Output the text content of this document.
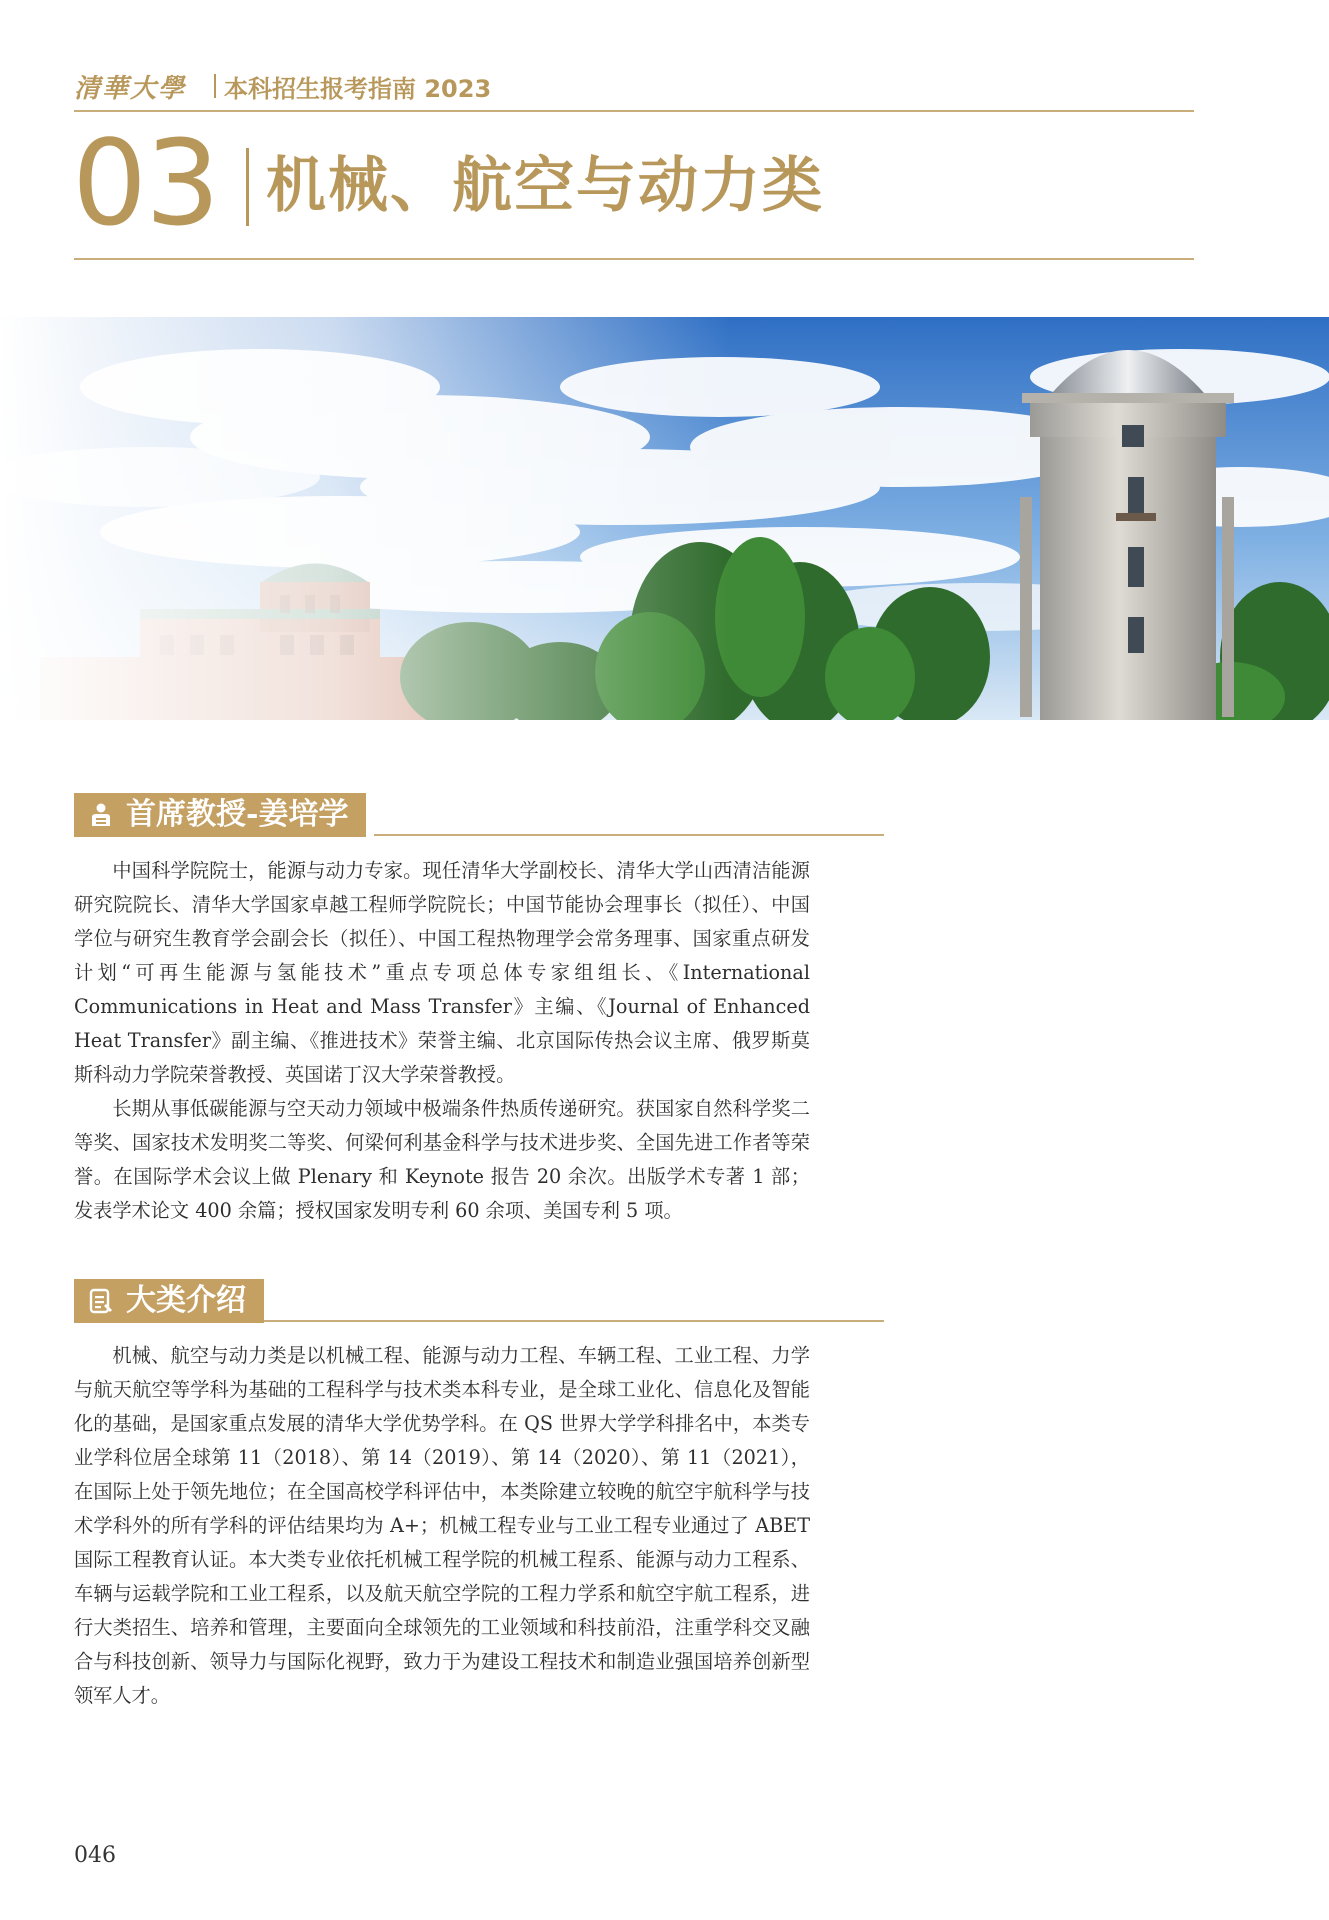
清華大學 本科招生报考指南 2023
03 机械、航空与动力类
首席教授-姜培学

中国科学院院士，能源与动力专家。现任清华大学副校长、清华大学山西清洁能源研究院院长、清华大学国家卓越工程师学院院长；中国节能协会理事长（拟任）、中国学位与研究生教育学会副会长（拟任）、中国工程热物理学会常务理事、国家重点研发计划“可再生能源与氢能技术”重点专项总体专家组组长、《International Communications in Heat and Mass Transfer》主编、《Journal of Enhanced Heat Transfer》副主编、《推进技术》荣誉主编、北京国际传热会议主席、俄罗斯莫斯科动力学院荣誉教授、英国诺丁汉大学荣誉教授。

长期从事低碳能源与空天动力领域中极端条件热质传递研究。获国家自然科学奖二等奖、国家技术发明奖二等奖、何梁何利基金科学与技术进步奖、全国先进工作者等荣誉。在国际学术会议上做 Plenary 和 Keynote 报告 20 余次。出版学术专著 1 部；发表学术论文 400 余篇；授权国家发明专利 60 余项、美国专利 5 项。

大类介绍

机械、航空与动力类是以机械工程、能源与动力工程、车辆工程、工业工程、力学与航天航空等学科为基础的工程科学与技术类本科专业，是全球工业化、信息化及智能化的基础，是国家重点发展的清华大学优势学科。在 QS 世界大学学科排名中，本类专业学科位居全球第 11（2018）、第 14（2019）、第 14（2020）、第 11（2021），在国际上处于领先地位；在全国高校学科评估中，本类除建立较晚的航空宇航科学与技术学科外的所有学科的评估结果均为 A+；机械工程专业与工业工程专业通过了 ABET 国际工程教育认证。本大类专业依托机械工程学院的机械工程系、能源与动力工程系、车辆与运载学院和工业工程系，以及航天航空学院的工程力学系和航空宇航工程系，进行大类招生、培养和管理，主要面向全球领先的工业领域和科技前沿，注重学科交叉融合与科技创新、领导力与国际化视野，致力于为建设工程技术和制造业强国培养创新型领军人才。

046
